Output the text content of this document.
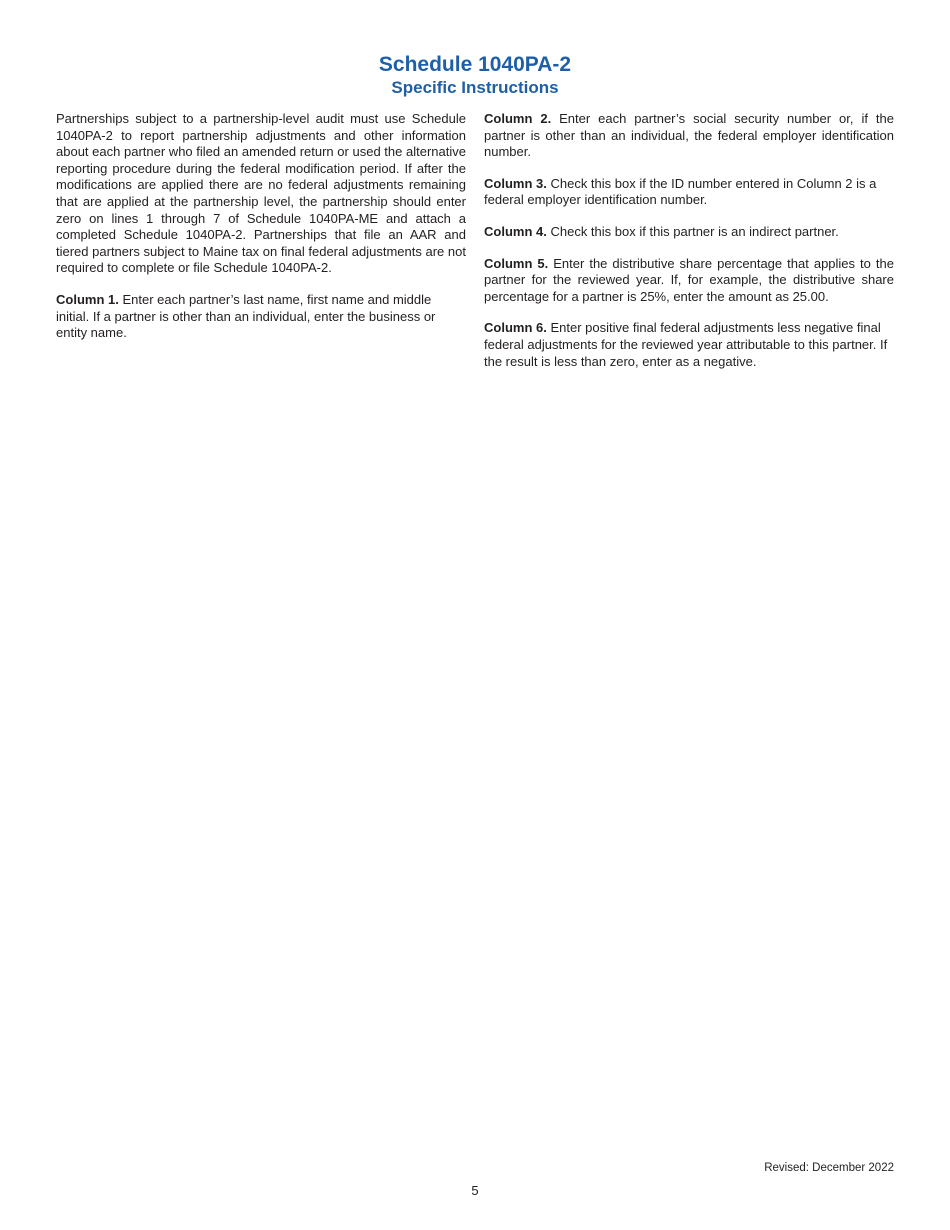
Schedule 1040PA-2
Specific Instructions

Partnerships subject to a partnership-level audit must use Schedule 1040PA-2 to report partnership adjustments and other information about each partner who filed an amended return or used the alternative reporting procedure during the federal modification period. If after the modifications are applied there are no federal adjustments remaining that are applied at the partnership level, the partnership should enter zero on lines 1 through 7 of Schedule 1040PA-ME and attach a completed Schedule 1040PA-2. Partnerships that file an AAR and tiered partners subject to Maine tax on final federal adjustments are not required to complete or file Schedule 1040PA-2.

Column 1. Enter each partner’s last name, first name and middle initial. If a partner is other than an individual, enter the business or entity name.

Column 2. Enter each partner’s social security number or, if the partner is other than an individual, the federal employer identification number.

Column 3. Check this box if the ID number entered in Column 2 is a federal employer identification number.

Column 4. Check this box if this partner is an indirect partner.

Column 5. Enter the distributive share percentage that applies to the partner for the reviewed year. If, for example, the distributive share percentage for a partner is 25%, enter the amount as 25.00.

Column 6. Enter positive final federal adjustments less negative final federal adjustments for the reviewed year attributable to this partner. If the result is less than zero, enter as a negative.

Revised: December 2022
5
